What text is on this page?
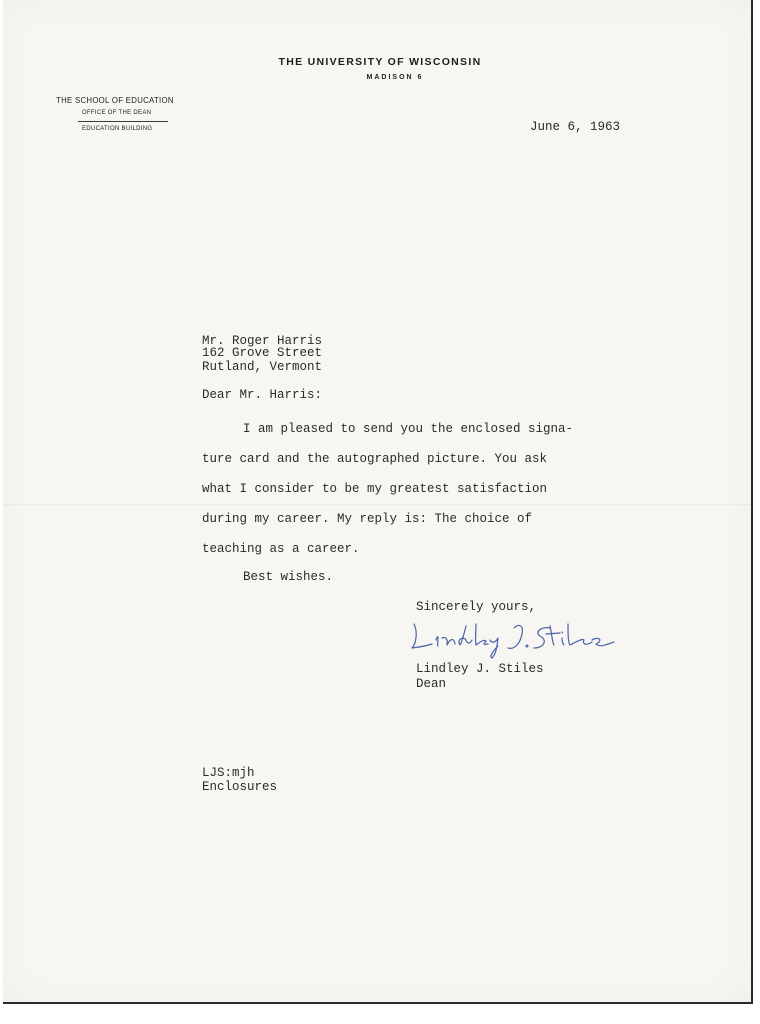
THE UNIVERSITY OF WISCONSIN
MADISON 6
THE SCHOOL OF EDUCATION
OFFICE OF THE DEAN
EDUCATION BUILDING	June 6, 1963
Mr. Roger Harris
162 Grove Street
Rutland, Vermont
Dear Mr. Harris:
I am pleased to send you the enclosed signa-
ture card and the autographed picture. You ask
what I consider to be my greatest satisfaction
during my career. My reply is: The choice of
teaching as a career.
Best wishes.
Sincerely yours,
Lindley J. Stiles
Dean
LJS:mjh
Enclosures
